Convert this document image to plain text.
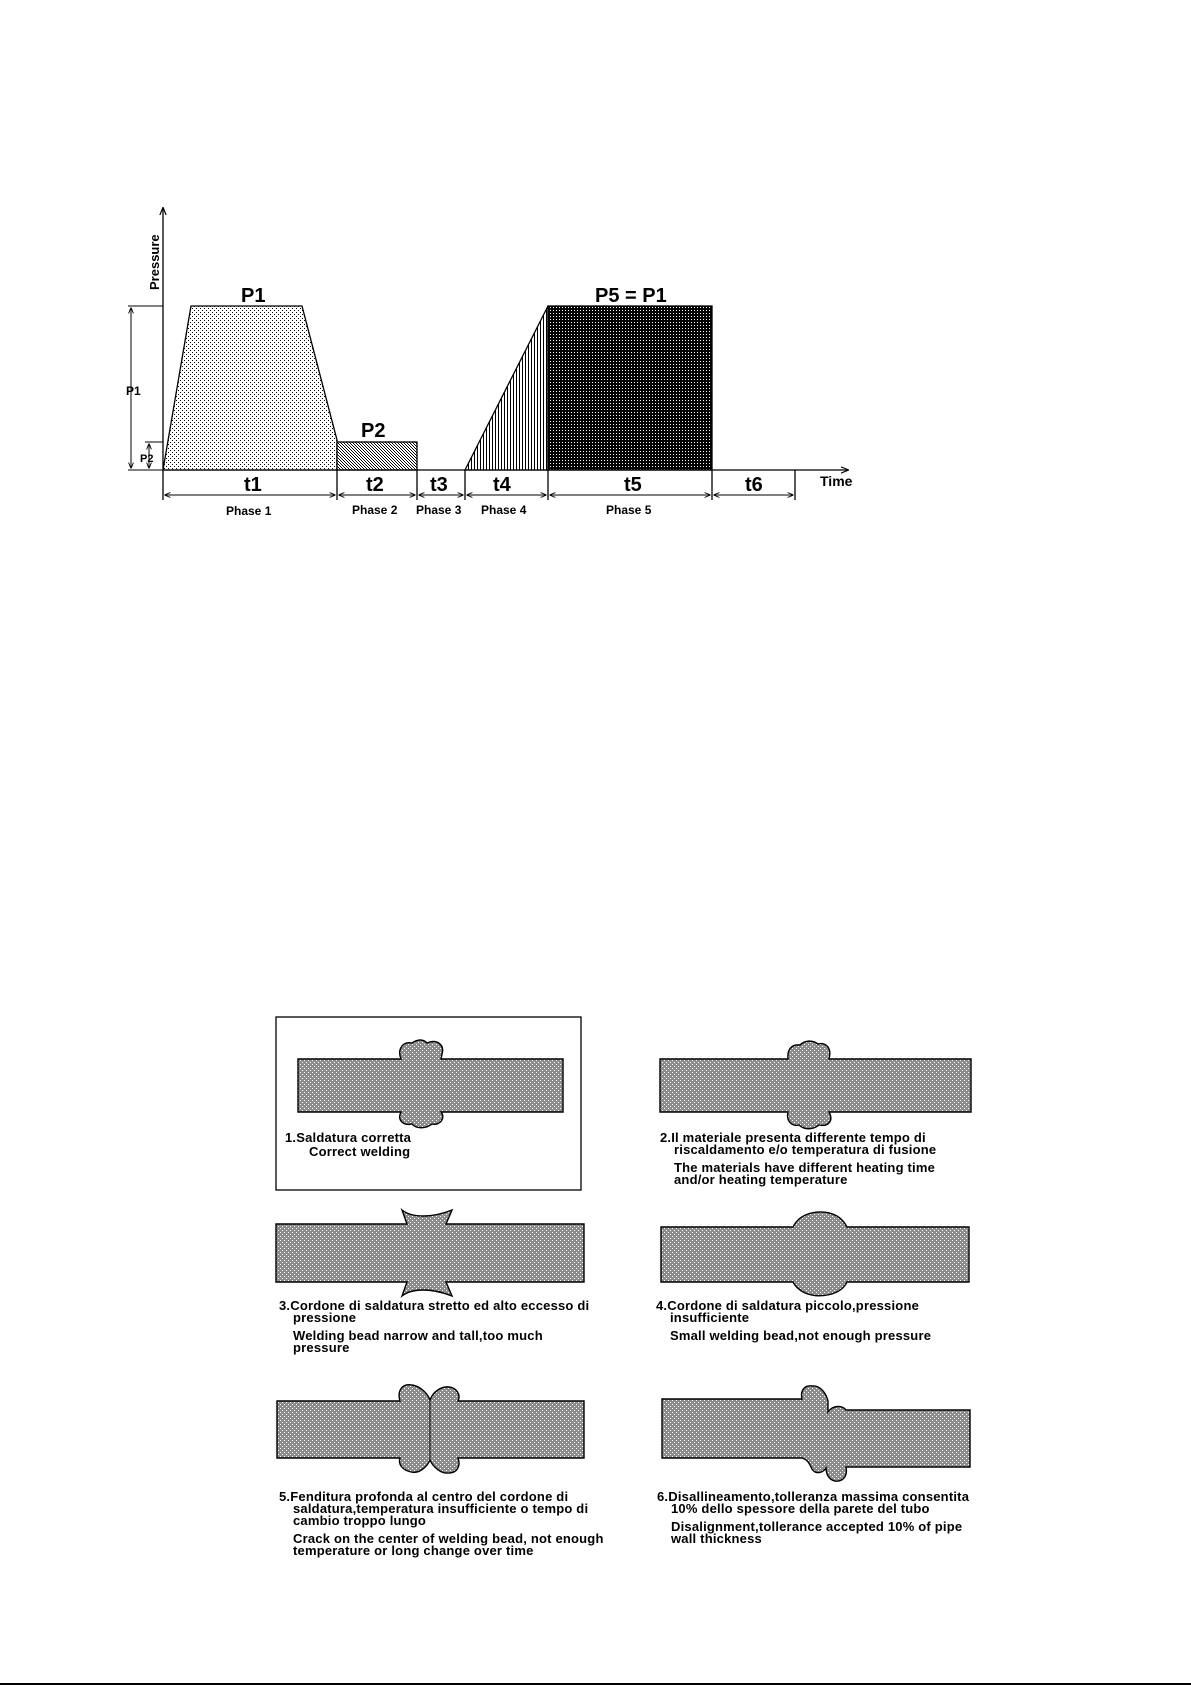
Pressure
Time
P1
P2
P5 = P1
P1
P2
t1	t2 t3 t4	t5	t6
Phase 1	Phase 2 Phase 3 Phase 4	Phase 5
1.Saldatura corretta
Correct welding
2.Il materiale presenta differente tempo di riscaldamento e/o temperatura di fusione
The materials have different heating time and/or heating temperature
3.Cordone di saldatura stretto ed alto eccesso di pressione
Welding bead narrow and tall,too much pressure
4.Cordone di saldatura piccolo,pressione insufficiente
Small welding bead,not enough pressure
5.Fenditura profonda al centro del cordone di saldatura,temperatura insufficiente o tempo di cambio troppo lungo
Crack on the center of welding bead, not enough temperature or long change over time
6.Disallineamento,tolleranza massima consentita 10% dello spessore della parete del tubo
Disalignment,tollerance accepted 10% of pipe wall thickness
